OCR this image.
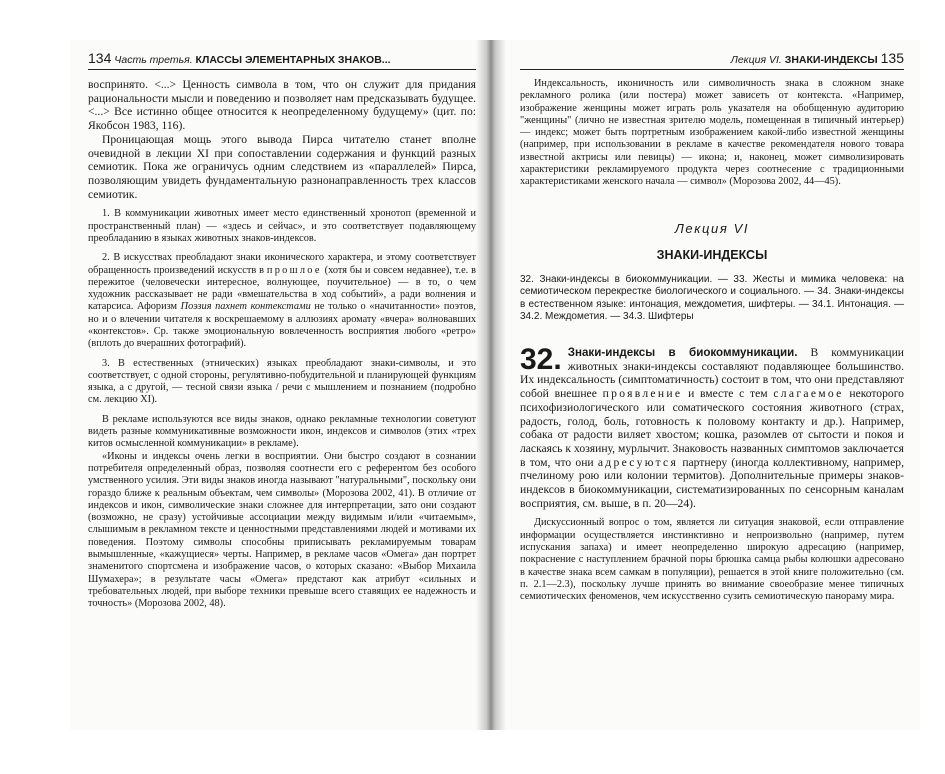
134 Часть третья. КЛАССЫ ЭЛЕМЕНТАРНЫХ ЗНАКОВ...

воспринято. <...> Ценность символа в том, что он служит для придания рациональности мысли и поведению и позволяет нам предсказывать будущее. <...> Все истинно общее относится к неопределенному будущему» (цит. по: Якобсон 1983, 116).

Проницающая мощь этого вывода Пирса читателю станет вполне очевидной в лекции XI при сопоставлении содержания и функций разных семиотик. Пока же ограничусь одним следствием из «параллелей» Пирса, позволяющим увидеть фундаментальную разнонаправленность трех классов семиотик.

1. В коммуникации животных имеет место единственный хронотоп (временной и пространственный план) — «здесь и сейчас», и это соответствует подавляющему преобладанию в языках животных знаков-индексов.

2. В искусствах преобладают знаки иконического характера, и этому соответствует обращенность произведений искусств в прошлое (хотя бы и совсем недавнее), т.е. в пережитое (человечески интересное, волнующее, поучительное) — в то, о чем художник рассказывает не ради «вмешательства в ход событий», а ради волнения и катарсиса. Афоризм Поэзия пахнет контекстами не только о «начитанности» поэтов, но и о влечении читателя к воскрешаемому в аллюзиях аромату «вчера» волновавших «контекстов». Ср. также эмоциональную вовлеченность восприятия любого «ретро» (вплоть до вчерашних фотографий).

3. В естественных (этнических) языках преобладают знаки-символы, и это соответствует, с одной стороны, регулятивно-побудительной и планирующей функциям языка, а с другой, — тесной связи языка / речи с мышлением и познанием (подробно см. лекцию XI).

В рекламе используются все виды знаков, однако рекламные технологии советуют видеть разные коммуникативные возможности икон, индексов и символов (этих «трех китов осмысленной коммуникации» в рекламе).

«Иконы и индексы очень легки в восприятии. Они быстро создают в сознании потребителя определенный образ, позволяя соотнести его с референтом без особого умственного усилия. Эти виды знаков иногда называют "натуральными", поскольку они гораздо ближе к реальным объектам, чем символы» (Морозова 2002, 41). В отличие от индексов и икон, символические знаки сложнее для интерпретации, зато они создают (возможно, не сразу) устойчивые ассоциации между видимым и/или «читаемым», слышимым в рекламном тексте и ценностными представлениями людей и мотивами их поведения. Поэтому символы способны приписывать рекламируемым товарам вымышленные, «кажущиеся» черты. Например, в рекламе часов «Омега» дан портрет знаменитого спортсмена и изображение часов, о которых сказано: «Выбор Михаила Шумахера»; в результате часы «Омега» предстают как атрибут «сильных и требовательных людей, при выборе техники превыше всего ставящих ее надежность и точность» (Морозова 2002, 48).

Лекция VI. ЗНАКИ-ИНДЕКСЫ 135

Индексальность, иконичность или символичность знака в сложном знаке рекламного ролика (или постера) может зависеть от контекста. «Например, изображение женщины может играть роль указателя на обобщенную аудиторию "женщины" (лично не известная зрителю модель, помещенная в типичный интерьер) — индекс; может быть портретным изображением какой-либо известной женщины (например, при использовании в рекламе в качестве рекомендателя нового товара известной актрисы или певицы) — икона; и, наконец, может символизировать характеристики рекламируемого продукта через соотнесение с традиционными характеристиками женского начала — символ» (Морозова 2002, 44—45).

Лекция VI
ЗНАКИ-ИНДЕКСЫ

32. Знаки-индексы в биокоммуникации. — 33. Жесты и мимика человека: на семиотическом перекрестке биологического и социального. — 34. Знаки-индексы в естественном языке: интонация, междометия, шифтеры. — 34.1. Интонация. — 34.2. Междометия. — 34.3. Шифтеры

32. Знаки-индексы в биокоммуникации. В коммуникации животных знаки-индексы составляют подавляющее большинство. Их индексальность (симптоматичность) состоит в том, что они представляют собой внешнее проявление и вместе с тем слагаемое некоторого психофизиологического или соматического состояния животного (страх, радость, голод, боль, готовность к половому контакту и др.). Например, собака от радости виляет хвостом; кошка, разомлев от сытости и покоя и ласкаясь к хозяину, мурлычит. Знаковость названных симптомов заключается в том, что они адресуются партнеру (иногда коллективному, например, пчелиному рою или колонии термитов). Дополнительные примеры знаков-индексов в биокоммуникации, систематизированных по сенсорным каналам восприятия, см. выше, в п. 20—24).

Дискуссионный вопрос о том, является ли ситуация знаковой, если отправление информации осуществляется инстинктивно и непроизвольно (например, путем испускания запаха) и имеет неопределенно широкую адресацию (например, покраснение с наступлением брачной поры брюшка самца рыбы колюшки адресовано в качестве знака всем самкам в популяции), решается в этой книге положительно (см. п. 2.1—2.3), поскольку лучше принять во внимание своеобразие менее типичных семиотических феноменов, чем искусственно сузить семиотическую панораму мира.
